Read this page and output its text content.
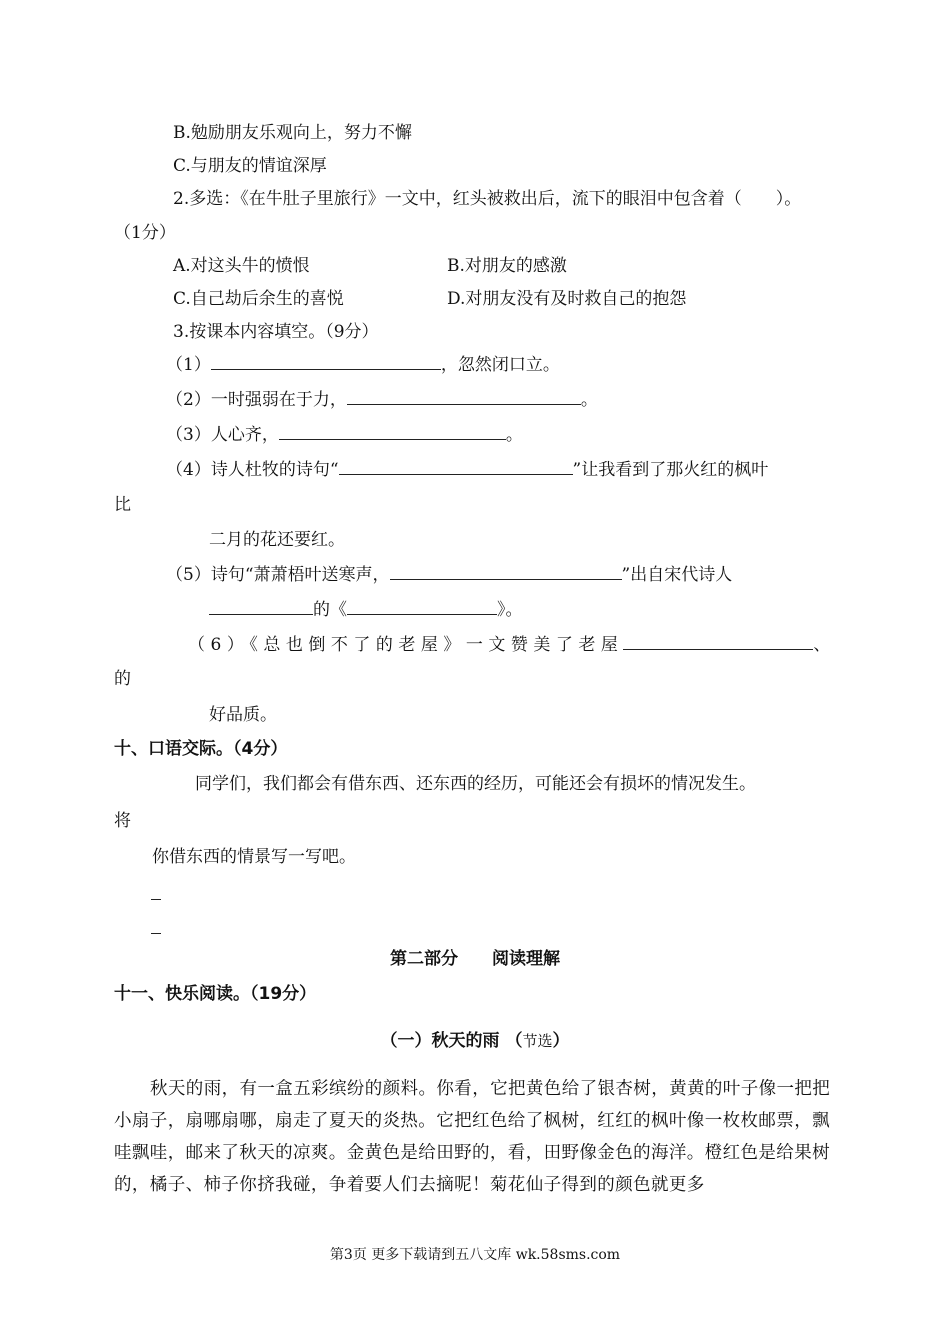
B.勉励朋友乐观向上，努力不懈
C.与朋友的情谊深厚
2.多选：《在牛肚子里旅行》一文中，红头被救出后，流下的眼泪中包含着（　　）。
（1分）
A.对这头牛的愤恨	B.对朋友的感激
C.自己劫后余生的喜悦	D.对朋友没有及时救自己的抱怨
3.按课本内容填空。（9分）
（1）	，忽然闭口立。
（2）一时强弱在于力，	。
（3）人心齐，	。
（4）诗人杜牧的诗句“	”让我看到了那火红的枫叶
比
二月的花还要红。
（5）诗句“萧萧梧叶送寒声，	”出自宋代诗人
的《	》。
（6）《总也倒不了的老屋》一文赞美了老屋	、
的
好品质。
十、口语交际。（4分）
同学们，我们都会有借东西、还东西的经历，可能还会有损坏的情况发生。
将
你借东西的情景写一写吧。
第二部分　　阅读理解
十一、快乐阅读。（19分）
（一）秋天的雨 （节选）

秋天的雨，有一盒五彩缤纷的颜料。你看，它把黄色给了银杏树，黄黄的叶子像一把把小扇子，扇哪扇哪，扇走了夏天的炎热。它把红色给了枫树，红红的枫叶像一枚枚邮票，飘哇飘哇，邮来了秋天的凉爽。金黄色是给田野的，看，田野像金色的海洋。橙红色是给果树的，橘子、柿子你挤我碰，争着要人们去摘呢！菊花仙子得到的颜色就更多

第3页 更多下载请到五八文库 wk.58sms.com
